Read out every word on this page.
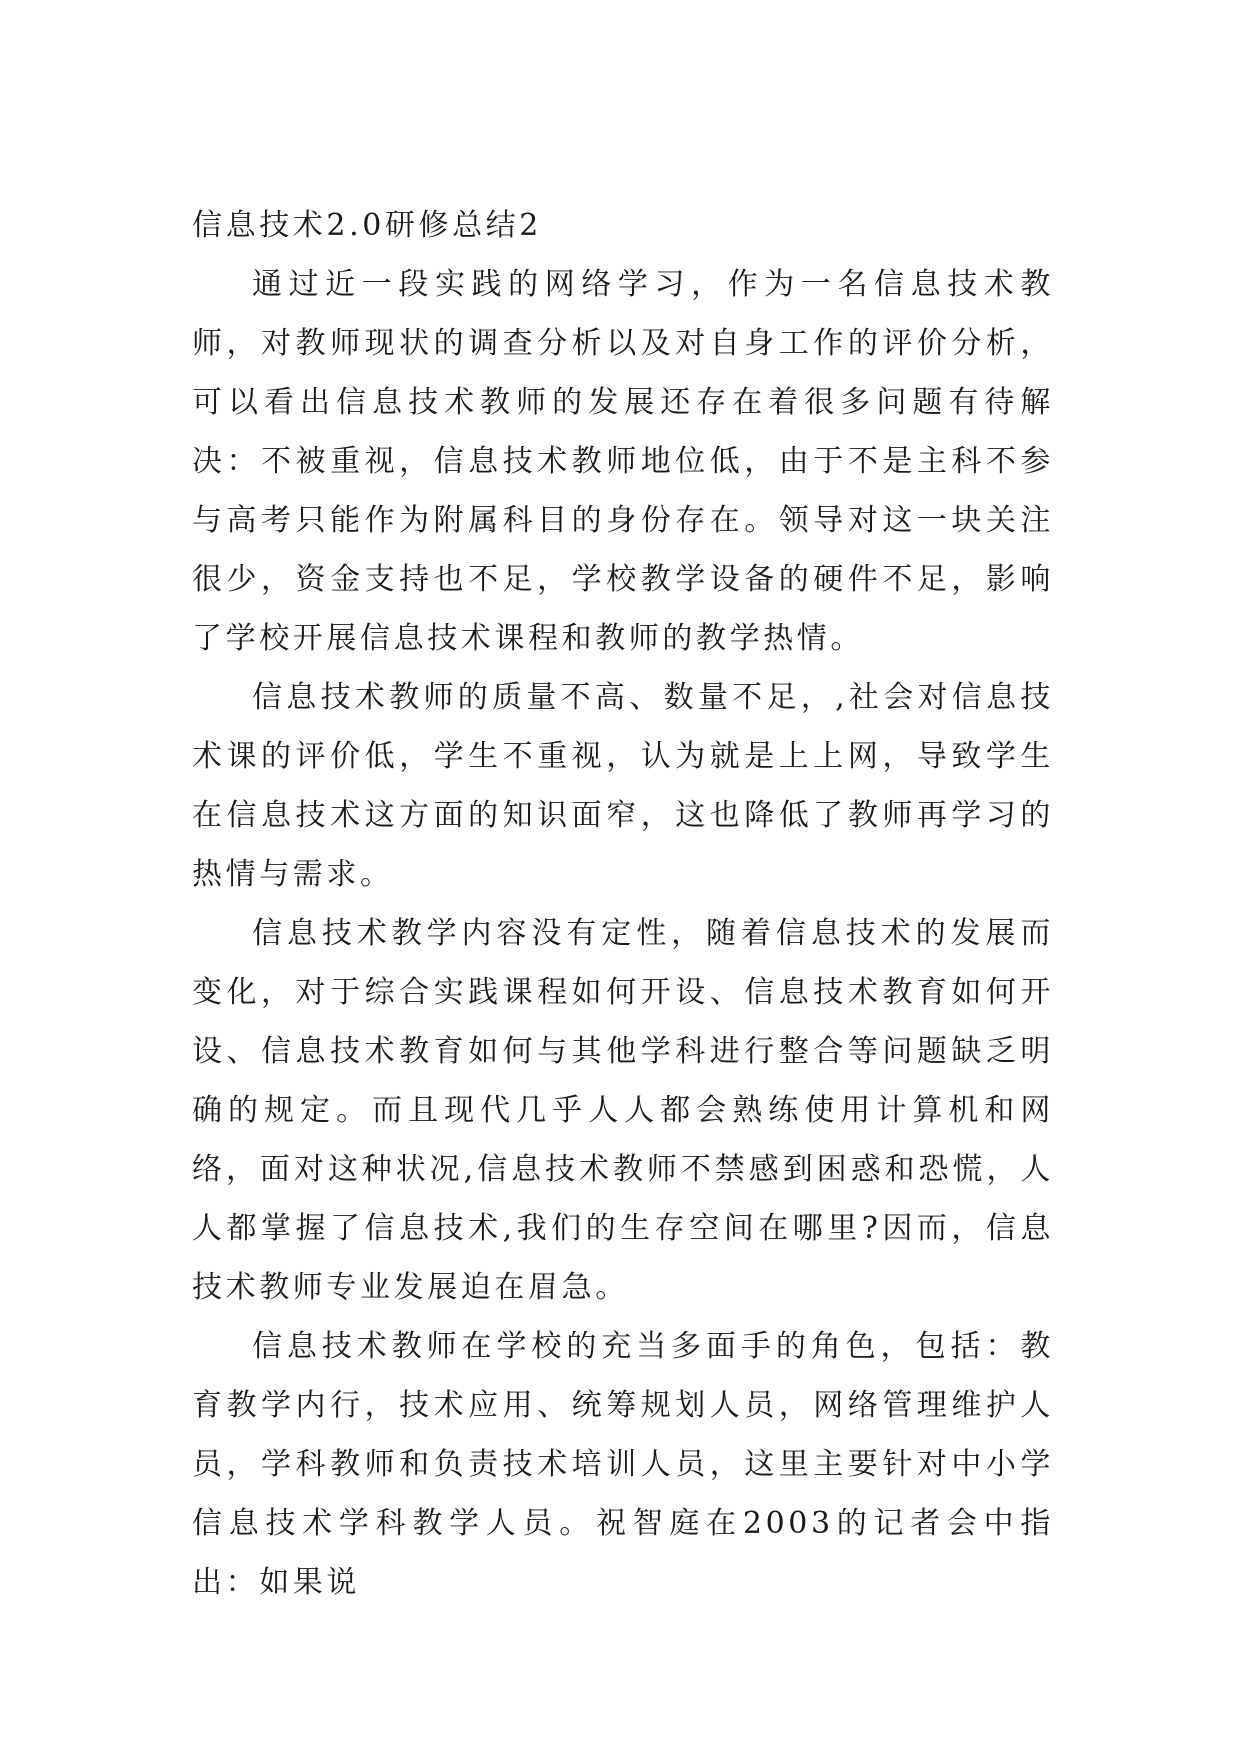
信息技术2.0研修总结2

通过近一段实践的网络学习，作为一名信息技术教师，对教师现状的调查分析以及对自身工作的评价分析，可以看出信息技术教师的发展还存在着很多问题有待解决：不被重视，信息技术教师地位低，由于不是主科不参与高考只能作为附属科目的身份存在。领导对这一块关注很少，资金支持也不足，学校教学设备的硬件不足，影响了学校开展信息技术课程和教师的教学热情。

信息技术教师的质量不高、数量不足，,社会对信息技术课的评价低，学生不重视，认为就是上上网，导致学生在信息技术这方面的知识面窄，这也降低了教师再学习的热情与需求。

信息技术教学内容没有定性，随着信息技术的发展而变化，对于综合实践课程如何开设、信息技术教育如何开设、信息技术教育如何与其他学科进行整合等问题缺乏明确的规定。而且现代几乎人人都会熟练使用计算机和网络，面对这种状况,信息技术教师不禁感到困惑和恐慌，人人都掌握了信息技术,我们的生存空间在哪里?因而，信息技术教师专业发展迫在眉急。

信息技术教师在学校的充当多面手的角色，包括：教育教学内行，技术应用、统筹规划人员，网络管理维护人员，学科教师和负责技术培训人员，这里主要针对中小学信息技术学科教学人员。祝智庭在2003的记者会中指出：如果说
